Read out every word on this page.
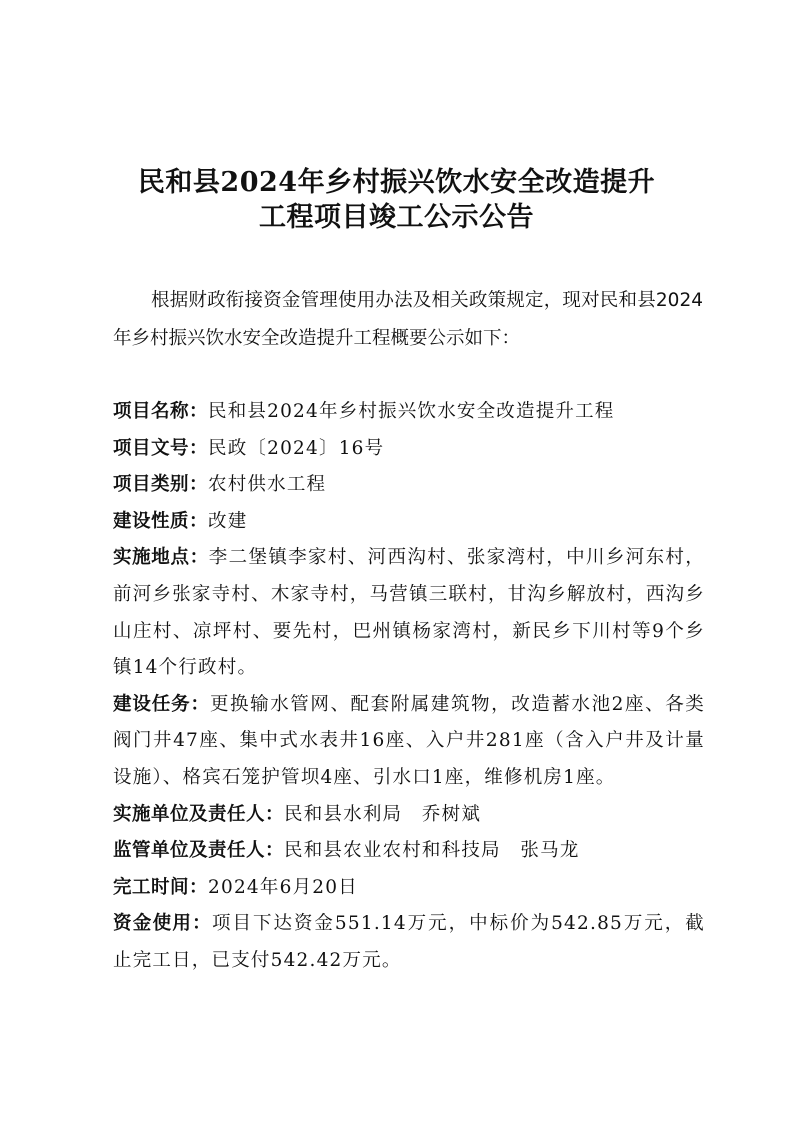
民和县2024年乡村振兴饮水安全改造提升
工程项目竣工公示公告
根据财政衔接资金管理使用办法及相关政策规定，现对民和县2024年乡村振兴饮水安全改造提升工程概要公示如下：
项目名称：民和县2024年乡村振兴饮水安全改造提升工程
项目文号：民政〔2024〕16号
项目类别：农村供水工程
建设性质：改建
实施地点：李二堡镇李家村、河西沟村、张家湾村，中川乡河东村，前河乡张家寺村、木家寺村，马营镇三联村，甘沟乡解放村，西沟乡山庄村、凉坪村、要先村，巴州镇杨家湾村，新民乡下川村等9个乡镇14个行政村。
建设任务：更换输水管网、配套附属建筑物，改造蓄水池2座、各类阀门井47座、集中式水表井16座、入户井281座（含入户井及计量设施）、格宾石笼护管坝4座、引水口1座，维修机房1座。
实施单位及责任人：民和县水利局　乔树斌
监管单位及责任人：民和县农业农村和科技局　张马龙
完工时间：2024年6月20日
资金使用：项目下达资金551.14万元，中标价为542.85万元，截止完工日，已支付542.42万元。
